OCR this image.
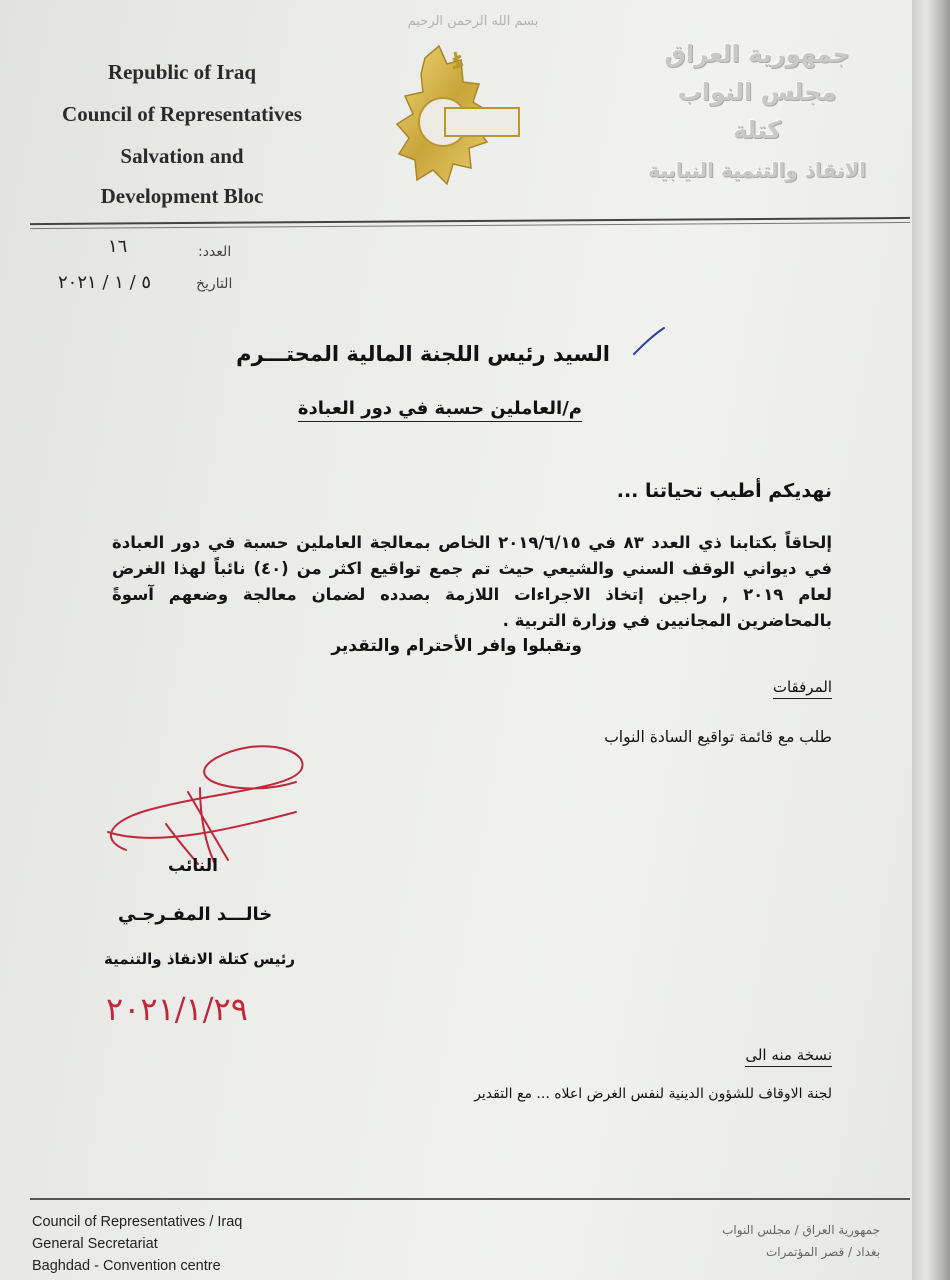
Republic of Iraq
Council of Representatives
Salvation and
Development Bloc
بسم الله الرحمن الرحيم
جمهورية العراق
مجلس النواب
كتلة
الانقاذ والتنمية النيابية
العدد:
١٦
التاريخ
٥ / ١ / ٢٠٢١
السيد رئيس اللجنة المالية المحتـــرم
م/العاملين حسبة في دور العبادة
نهديكم أطيب تحياتنا ...
إلحاقاً بكتابنا ذي العدد ٨٣ في ٢٠١٩/٦/١٥ الخاص بمعالجة العاملين حسبة في دور العبادة في ديواني الوقف السني والشيعي حيث تم جمع تواقيع اكثر من (٤٠) نائباً لهذا الغرض لعام ٢٠١٩ , راجين إتخاذ الاجراءات اللازمة بصدده لضمان معالجة وضعهم آسوةً بالمحاضرين المجانيين في وزارة التربية .
وتقبلوا وافر الأحترام والتقدير
المرفقات
طلب مع قائمة تواقيع السادة النواب
النائب
خالـــد المفـرجـي
رئيس كتلة الانقاذ والتنمية
٢٠٢١/١/٢٩
نسخة منه الى
لجنة الاوقاف للشؤون الدينية لنفس الغرض اعلاه ... مع التقدير
Council of Representatives / Iraq
General Secretariat
Baghdad - Convention centre
جمهورية العراق / مجلس النواب
بغداد / قصر المؤتمرات
